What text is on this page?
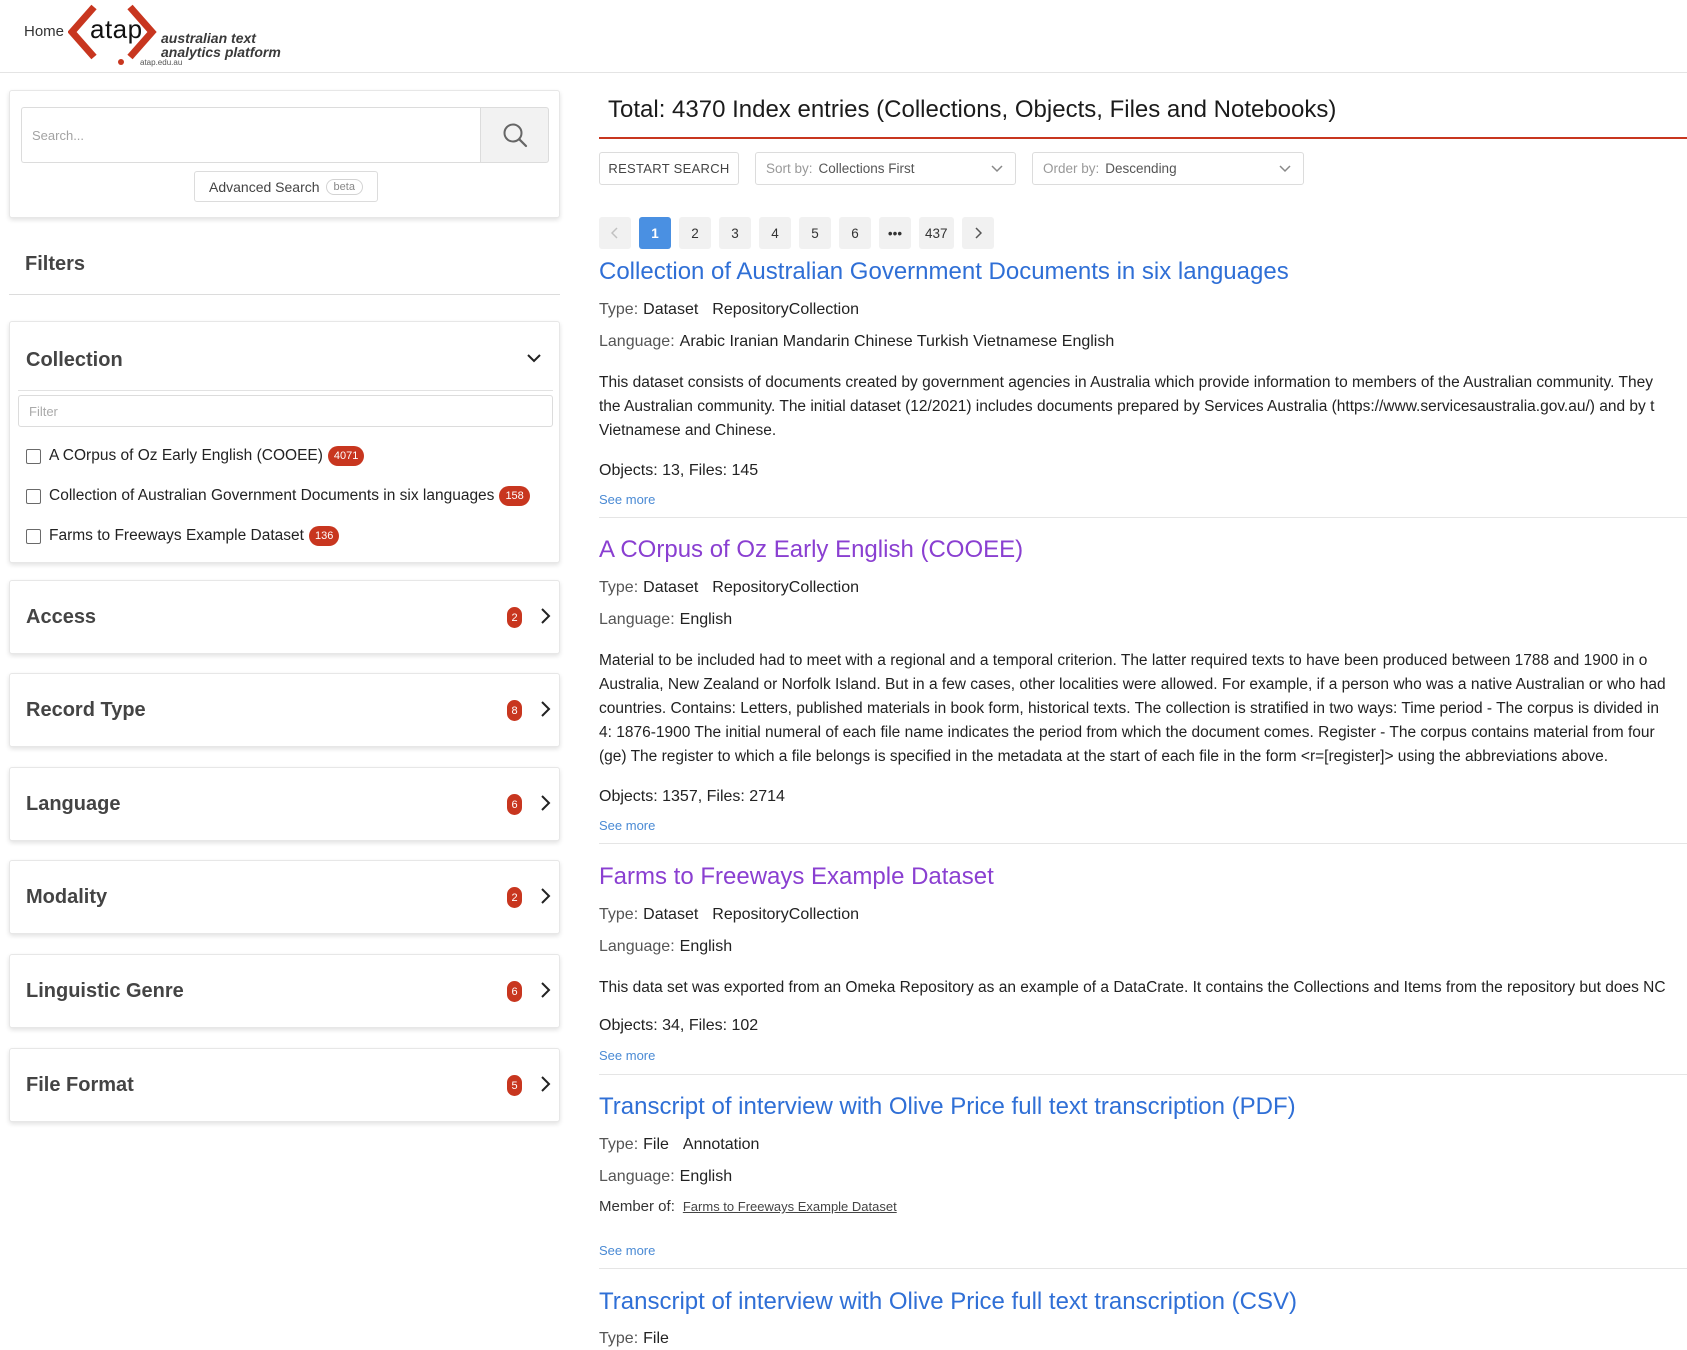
Home atap australian text
analytics platform
atap.edu.au
Search...
Advanced Search	beta
Filters
Collection
Filter
A COrpus of Oz Early English (COOEE)	4071
Collection of Australian Government Documents in six languages	158
Farms to Freeways Example Dataset	136
Access	2
Record Type	8
Language	6
Modality	2
Linguistic Genre	6
File Format	5
Total: 4370 Index entries (Collections, Objects, Files and Notebooks)
RESTART SEARCH	Sort by: Collections First	Order by: Descending
1	2	3	4	5	6	•••	437
Collection of Australian Government Documents in six languages
Type: Dataset RepositoryCollection
Language: Arabic Iranian Mandarin Chinese Turkish Vietnamese English
This dataset consists of documents created by government agencies in Australia which provide information to members of the Australian community. They
the Australian community. The initial dataset (12/2021) includes documents prepared by Services Australia (https://www.servicesaustralia.gov.au/) and by t
Vietnamese and Chinese.
Objects: 13, Files: 145
See more
A COrpus of Oz Early English (COOEE)
Type: Dataset RepositoryCollection
Language: English
Material to be included had to meet with a regional and a temporal criterion. The latter required texts to have been produced between 1788 and 1900 in o
Australia, New Zealand or Norfolk Island. But in a few cases, other localities were allowed. For example, if a person who was a native Australian or who had
countries. Contains: Letters, published materials in book form, historical texts. The collection is stratified in two ways: Time period - The corpus is divided in
4: 1876-1900 The initial numeral of each file name indicates the period from which the document comes. Register - The corpus contains material from four
(ge) The register to which a file belongs is specified in the metadata at the start of each file in the form <r=[register]> using the abbreviations above.
Objects: 1357, Files: 2714
See more
Farms to Freeways Example Dataset
Type: Dataset RepositoryCollection
Language: English
This data set was exported from an Omeka Repository as an example of a DataCrate. It contains the Collections and Items from the repository but does NC
Objects: 34, Files: 102
See more
Transcript of interview with Olive Price full text transcription (PDF)
Type: File Annotation
Language: English
Member of: Farms to Freeways Example Dataset
See more
Transcript of interview with Olive Price full text transcription (CSV)
Type: File
